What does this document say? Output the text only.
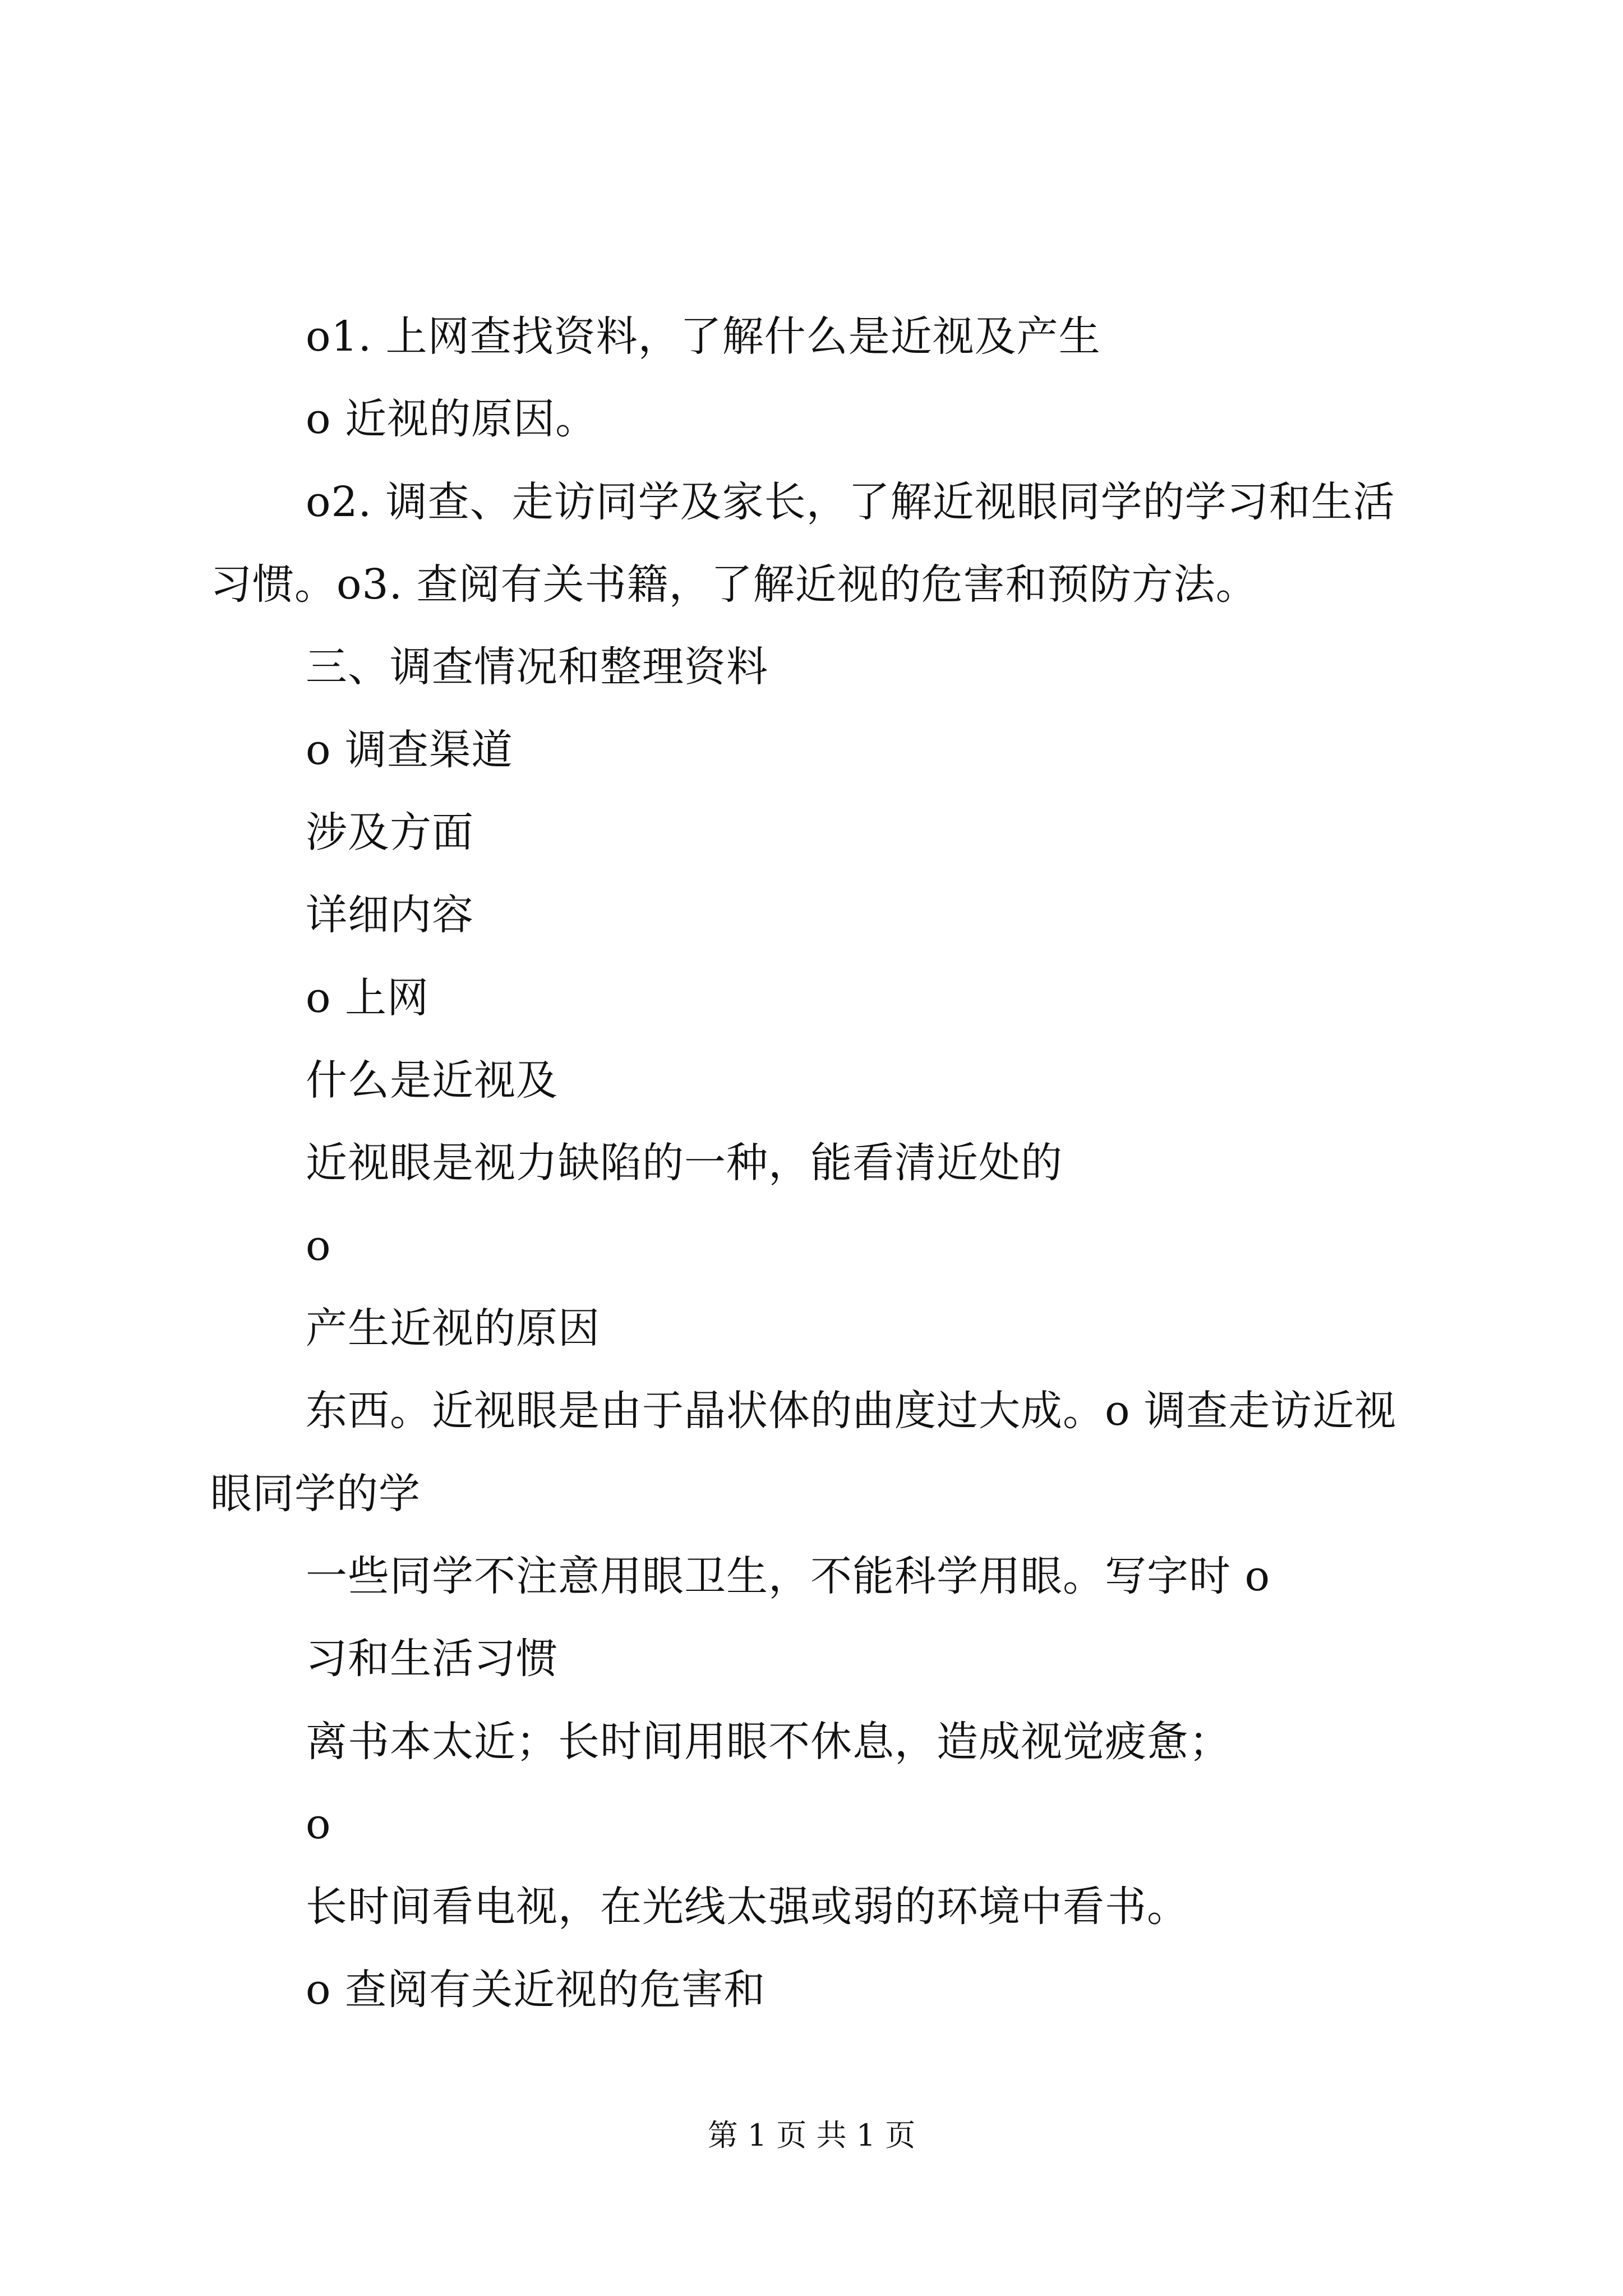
o1. 上网查找资料，了解什么是近视及产生
o 近视的原因。
o2. 调查、走访同学及家长，了解近视眼同学的学习和生活
习惯。o3. 查阅有关书籍，了解近视的危害和预防方法。
三、调查情况和整理资料
o 调查渠道
涉及方面
详细内容
o 上网
什么是近视及
近视眼是视力缺陷的一种，能看清近处的
o
产生近视的原因
东西。近视眼是由于晶状体的曲度过大成。o 调查走访近视
眼同学的学
一些同学不注意用眼卫生，不能科学用眼。写字时 o
习和生活习惯
离书本太近；长时间用眼不休息，造成视觉疲惫；
o
长时间看电视，在光线太强或弱的环境中看书。
o 查阅有关近视的危害和
第 1 页 共 1 页
